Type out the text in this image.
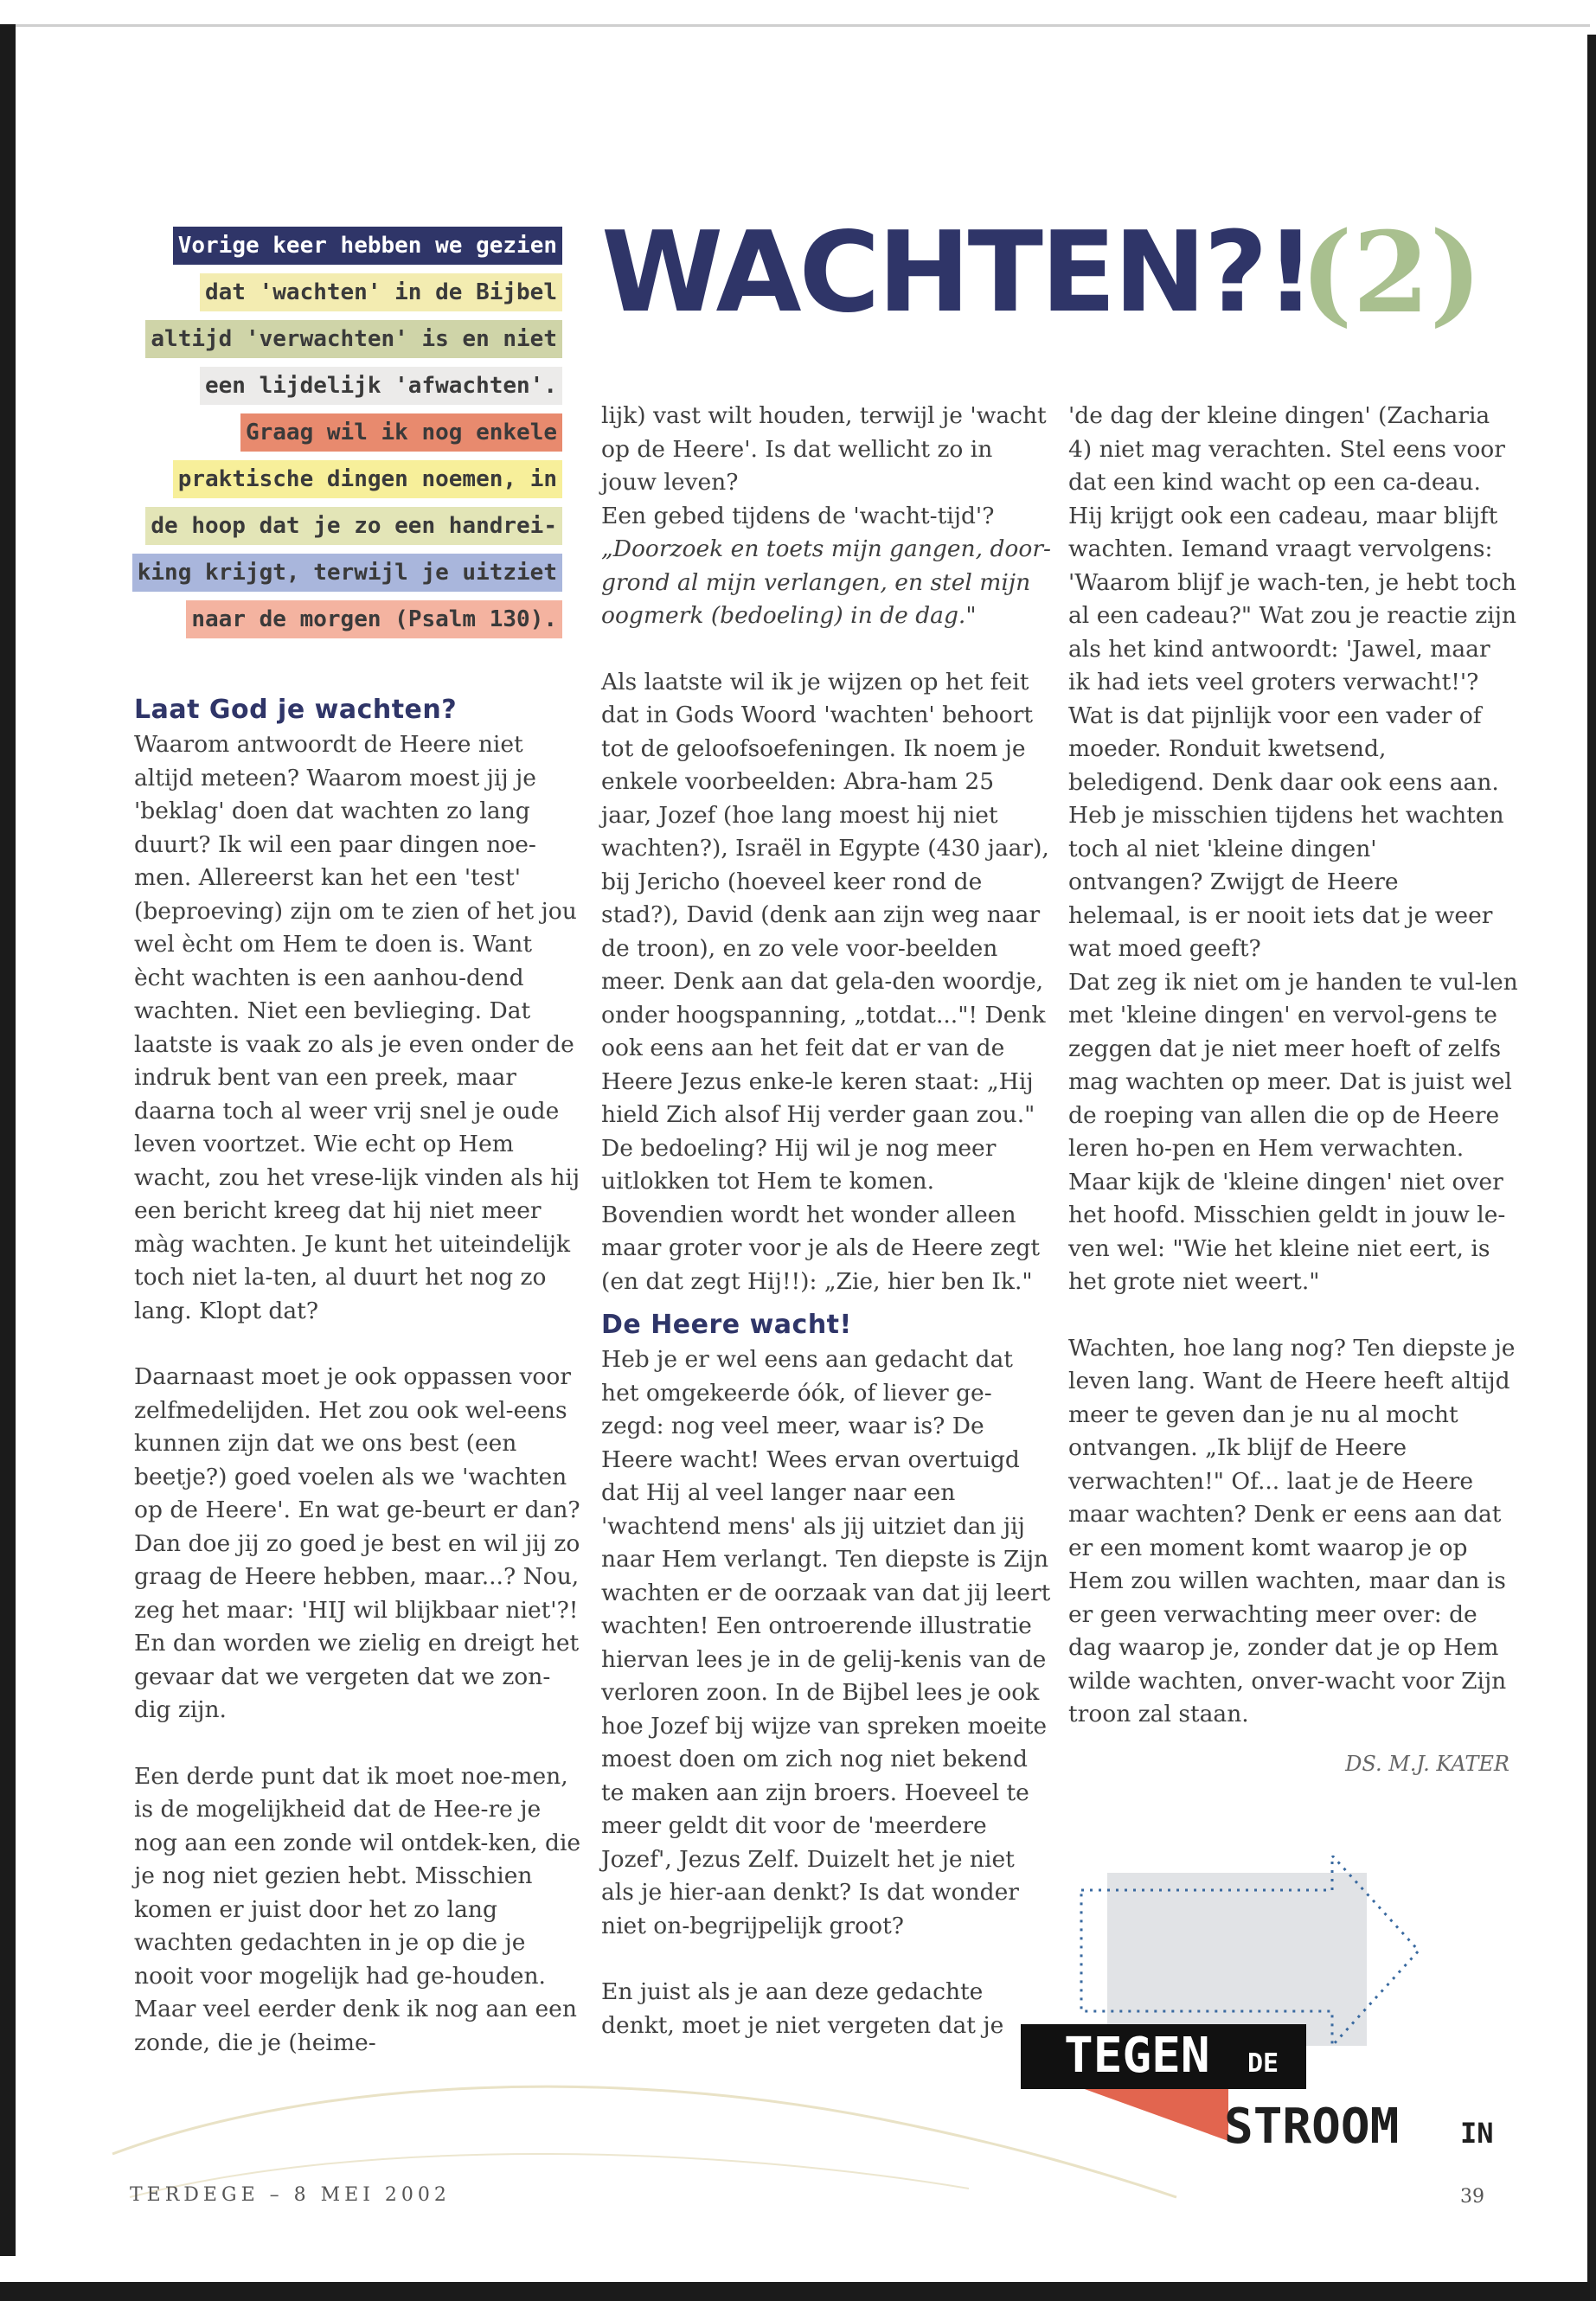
Vorige keer hebben we gezien
dat 'wachten' in de Bijbel
altijd 'verwachten' is en niet
een lijdelijk 'afwachten'.
Graag wil ik nog enkele
praktische dingen noemen, in
de hoop dat je zo een handrei-
king krijgt, terwijl je uitziet
naar de morgen (Psalm 130).
WACHTEN?!
(2)
Laat God je wachten?

Waarom antwoordt de Heere niet altijd meteen? Waarom moest jij je 'beklag' doen dat wachten zo lang duurt? Ik wil een paar dingen noe-men. Allereerst kan het een 'test' (beproeving) zijn om te zien of het jou wel ècht om Hem te doen is. Want ècht wachten is een aanhou-dend wachten. Niet een bevlieging. Dat laatste is vaak zo als je even onder de indruk bent van een preek, maar daarna toch al weer vrij snel je oude leven voortzet. Wie echt op Hem wacht, zou het vrese-lijk vinden als hij een bericht kreeg dat hij niet meer màg wachten. Je kunt het uiteindelijk toch niet la-ten, al duurt het nog zo lang. Klopt dat?

Daarnaast moet je ook oppassen voor zelfmedelijden. Het zou ook wel-eens kunnen zijn dat we ons best (een beetje?) goed voelen als we 'wachten op de Heere'. En wat ge-beurt er dan? Dan doe jij zo goed je best en wil jij zo graag de Heere hebben, maar...? Nou, zeg het maar: 'HIJ wil blijkbaar niet'?! En dan worden we zielig en dreigt het gevaar dat we vergeten dat we zon-dig zijn.

Een derde punt dat ik moet noe-men, is de mogelijkheid dat de Hee-re je nog aan een zonde wil ontdek-ken, die je nog niet gezien hebt. Misschien komen er juist door het zo lang wachten gedachten in je op die je nooit voor mogelijk had ge-houden. Maar veel eerder denk ik nog aan een zonde, die je (heime-

lijk) vast wilt houden, terwijl je 'wacht op de Heere'. Is dat wellicht zo in jouw leven?

Een gebed tijdens de 'wacht-tijd'?

„Doorzoek en toets mijn gangen, door-grond al mijn verlangen, en stel mijn oogmerk (bedoeling) in de dag."

Als laatste wil ik je wijzen op het feit dat in Gods Woord 'wachten' behoort tot de geloofsoefeningen. Ik noem je enkele voorbeelden: Abra-ham 25 jaar, Jozef (hoe lang moest hij niet wachten?), Israël in Egypte (430 jaar), bij Jericho (hoeveel keer rond de stad?), David (denk aan zijn weg naar de troon), en zo vele voor-beelden meer. Denk aan dat gela-den woordje, onder hoogspanning, „totdat..."! Denk ook eens aan het feit dat er van de Heere Jezus enke-le keren staat: „Hij hield Zich alsof Hij verder gaan zou." De bedoeling? Hij wil je nog meer uitlokken tot Hem te komen. Bovendien wordt het wonder alleen maar groter voor je als de Heere zegt (en dat zegt Hij!!): „Zie, hier ben Ik."

De Heere wacht!

Heb je er wel eens aan gedacht dat het omgekeerde óók, of liever ge-zegd: nog veel meer, waar is? De Heere wacht! Wees ervan overtuigd dat Hij al veel langer naar een 'wachtend mens' als jij uitziet dan jij naar Hem verlangt. Ten diepste is Zijn wachten er de oorzaak van dat jij leert wachten! Een ontroerende illustratie hiervan lees je in de gelij-kenis van de verloren zoon. In de Bijbel lees je ook hoe Jozef bij wijze van spreken moeite moest doen om zich nog niet bekend te maken aan zijn broers. Hoeveel te meer geldt dit voor de 'meerdere Jozef', Jezus Zelf. Duizelt het je niet als je hier-aan denkt? Is dat wonder niet on-begrijpelijk groot?

En juist als je aan deze gedachte denkt, moet je niet vergeten dat je

'de dag der kleine dingen' (Zacharia 4) niet mag verachten. Stel eens voor dat een kind wacht op een ca-deau. Hij krijgt ook een cadeau, maar blijft wachten. Iemand vraagt vervolgens: 'Waarom blijf je wach-ten, je hebt toch al een cadeau?" Wat zou je reactie zijn als het kind antwoordt: 'Jawel, maar ik had iets veel groters verwacht!'? Wat is dat pijnlijk voor een vader of moeder. Ronduit kwetsend, beledigend. Denk daar ook eens aan. Heb je misschien tijdens het wachten toch al niet 'kleine dingen' ontvangen? Zwijgt de Heere helemaal, is er nooit iets dat je weer wat moed geeft?

Dat zeg ik niet om je handen te vul-len met 'kleine dingen' en vervol-gens te zeggen dat je niet meer hoeft of zelfs mag wachten op meer. Dat is juist wel de roeping van allen die op de Heere leren ho-pen en Hem verwachten. Maar kijk de 'kleine dingen' niet over het hoofd. Misschien geldt in jouw le-ven wel: "Wie het kleine niet eert, is het grote niet weert."

Wachten, hoe lang nog? Ten diepste je leven lang. Want de Heere heeft altijd meer te geven dan je nu al mocht ontvangen. „Ik blijf de Heere verwachten!" Of... laat je de Heere maar wachten? Denk er eens aan dat er een moment komt waarop je op Hem zou willen wachten, maar dan is er geen verwachting meer over: de dag waarop je, zonder dat je op Hem wilde wachten, onver-wacht voor Zijn troon zal staan.

DS. M.J. KATER
TEGEN DE
STROOM IN
TERDEGE – 8 MEI 2002	39
